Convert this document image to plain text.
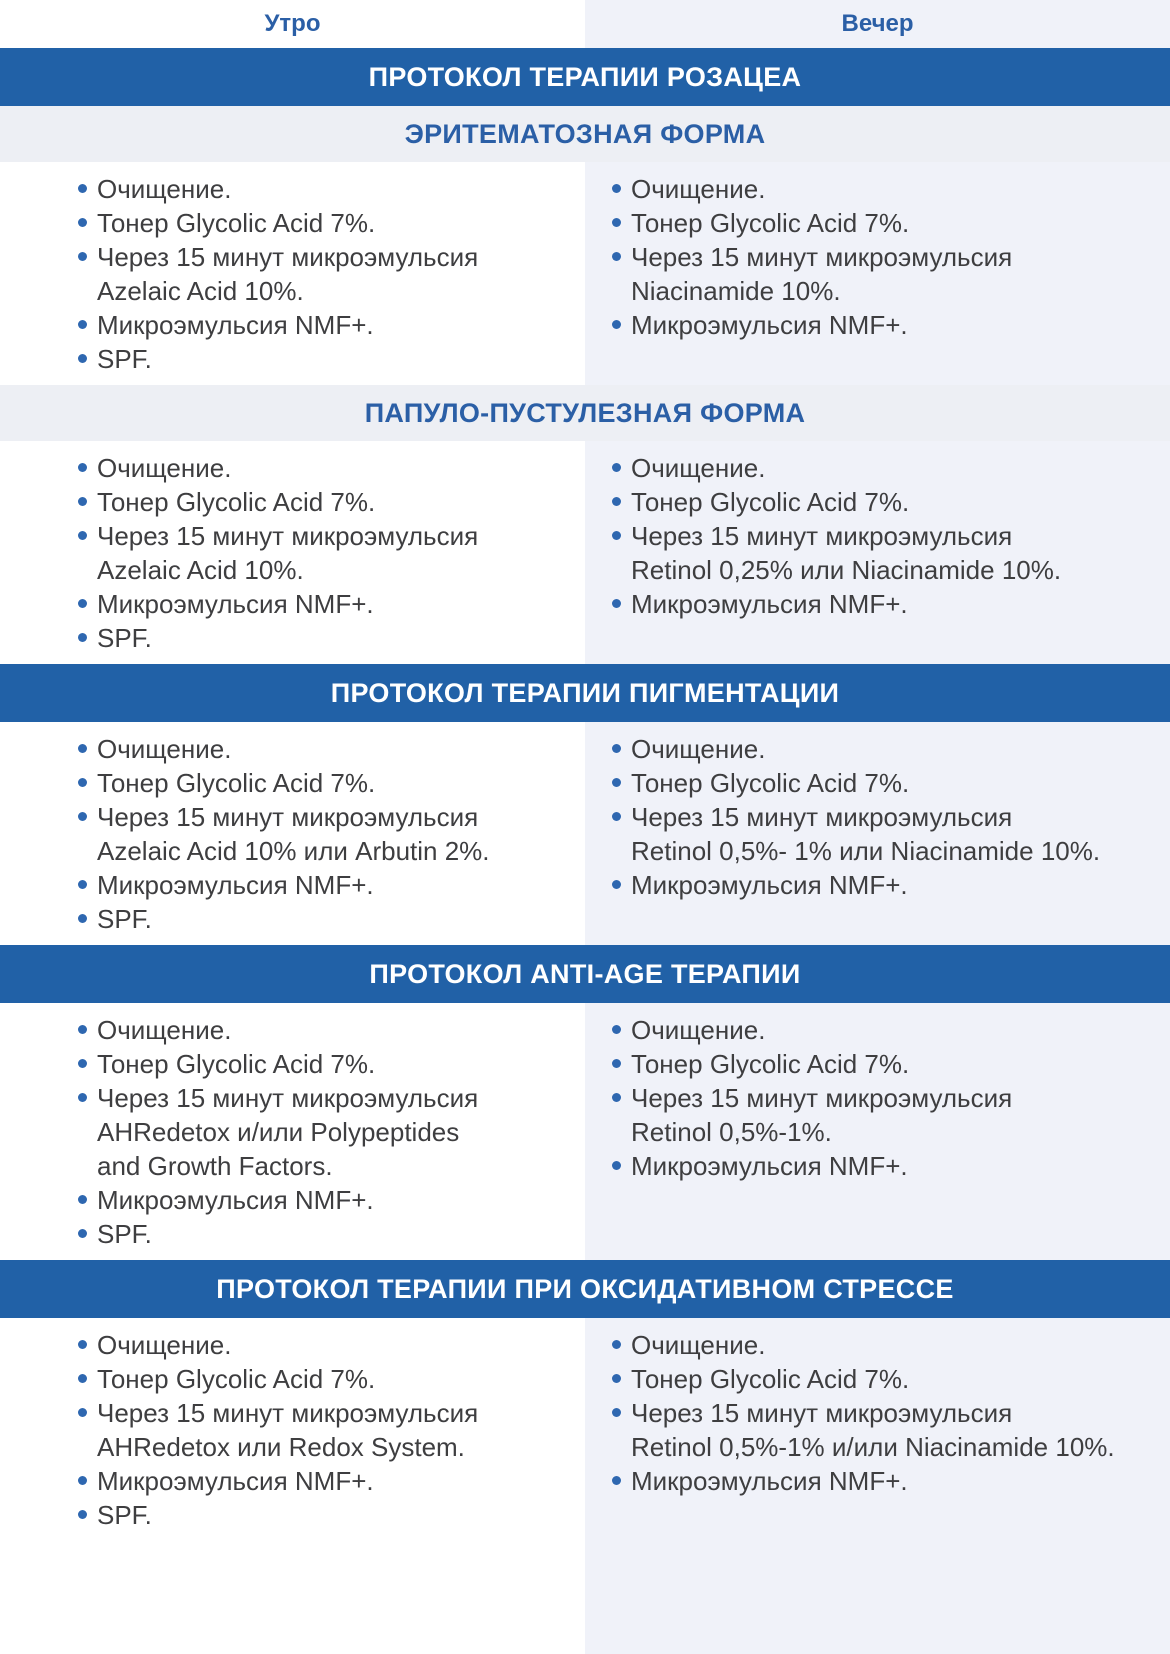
Утро	Вечер
ПРОТОКОЛ ТЕРАПИИ РОЗАЦЕА
ЭРИТЕМАТОЗНАЯ ФОРМА
Очищение.
Тонер Glycolic Acid 7%.
Через 15 минут микроэмульсия
Azelaic Acid 10%.
Микроэмульсия NMF+.
SPF.
Очищение.
Тонер Glycolic Acid 7%.
Через 15 минут микроэмульсия
Niacinamide 10%.
Микроэмульсия NMF+.
ПАПУЛО-ПУСТУЛЕЗНАЯ ФОРМА
Очищение.
Тонер Glycolic Acid 7%.
Через 15 минут микроэмульсия
Azelaic Acid 10%.
Микроэмульсия NMF+.
SPF.
Очищение.
Тонер Glycolic Acid 7%.
Через 15 минут микроэмульсия
Retinol 0,25% или Niacinamide 10%.
Микроэмульсия NMF+.
ПРОТОКОЛ ТЕРАПИИ ПИГМЕНТАЦИИ
Очищение.
Тонер Glycolic Acid 7%.
Через 15 минут микроэмульсия
Azelaic Acid 10% или Arbutin 2%.
Микроэмульсия NMF+.
SPF.
Очищение.
Тонер Glycolic Acid 7%.
Через 15 минут микроэмульсия
Retinol 0,5%- 1% или Niacinamide 10%.
Микроэмульсия NMF+.
ПРОТОКОЛ ANTI-AGE ТЕРАПИИ
Очищение.
Тонер Glycolic Acid 7%.
Через 15 минут микроэмульсия
AHRedetox и/или Polypeptides
and Growth Factors.
Микроэмульсия NMF+.
SPF.
Очищение.
Тонер Glycolic Acid 7%.
Через 15 минут микроэмульсия
Retinol 0,5%-1%.
Микроэмульсия NMF+.
ПРОТОКОЛ ТЕРАПИИ ПРИ ОКСИДАТИВНОМ СТРЕССЕ
Очищение.
Тонер Glycolic Acid 7%.
Через 15 минут микроэмульсия
AHRedetox или Redox System.
Микроэмульсия NMF+.
SPF.
Очищение.
Тонер Glycolic Acid 7%.
Через 15 минут микроэмульсия
Retinol 0,5%-1% и/или Niacinamide 10%.
Микроэмульсия NMF+.
